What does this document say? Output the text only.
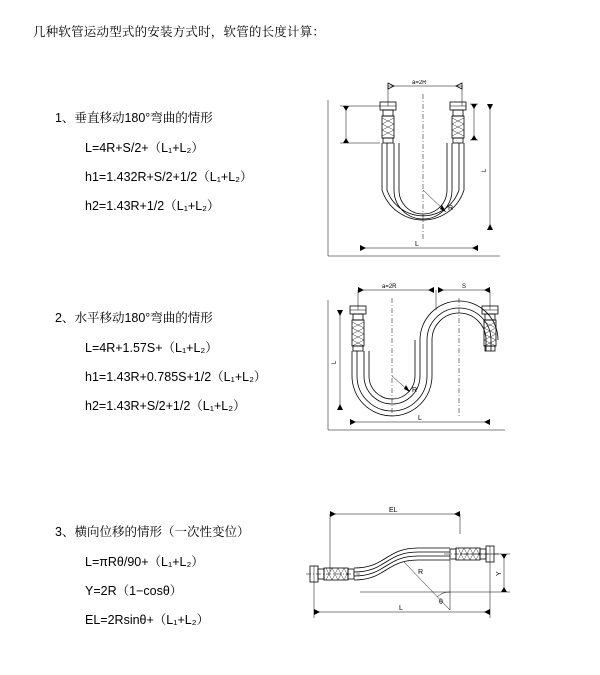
几种软管运动型式的安装方式时，软管的长度计算：
1、垂直移动180°弯曲的情形
L=4R+S/2+（L₁+L₂）
h1=1.432R+S/2+1/2（L₁+L₂）
h2=1.43R+1/2（L₁+L₂）
a=2R
R
L
L
2、水平移动180°弯曲的情形
L=4R+1.57S+（L₁+L₂）
h1=1.43R+0.785S+1/2（L₁+L₂）
h2=1.43R+S/2+1/2（L₁+L₂）
a=2R	S
R
L
L
3、横向位移的情形（一次性变位）
L=πRθ/90+（L₁+L₂）
Y=2R（1−cosθ）
EL=2Rsinθ+（L₁+L₂）
EL
θ
R	Y
L
